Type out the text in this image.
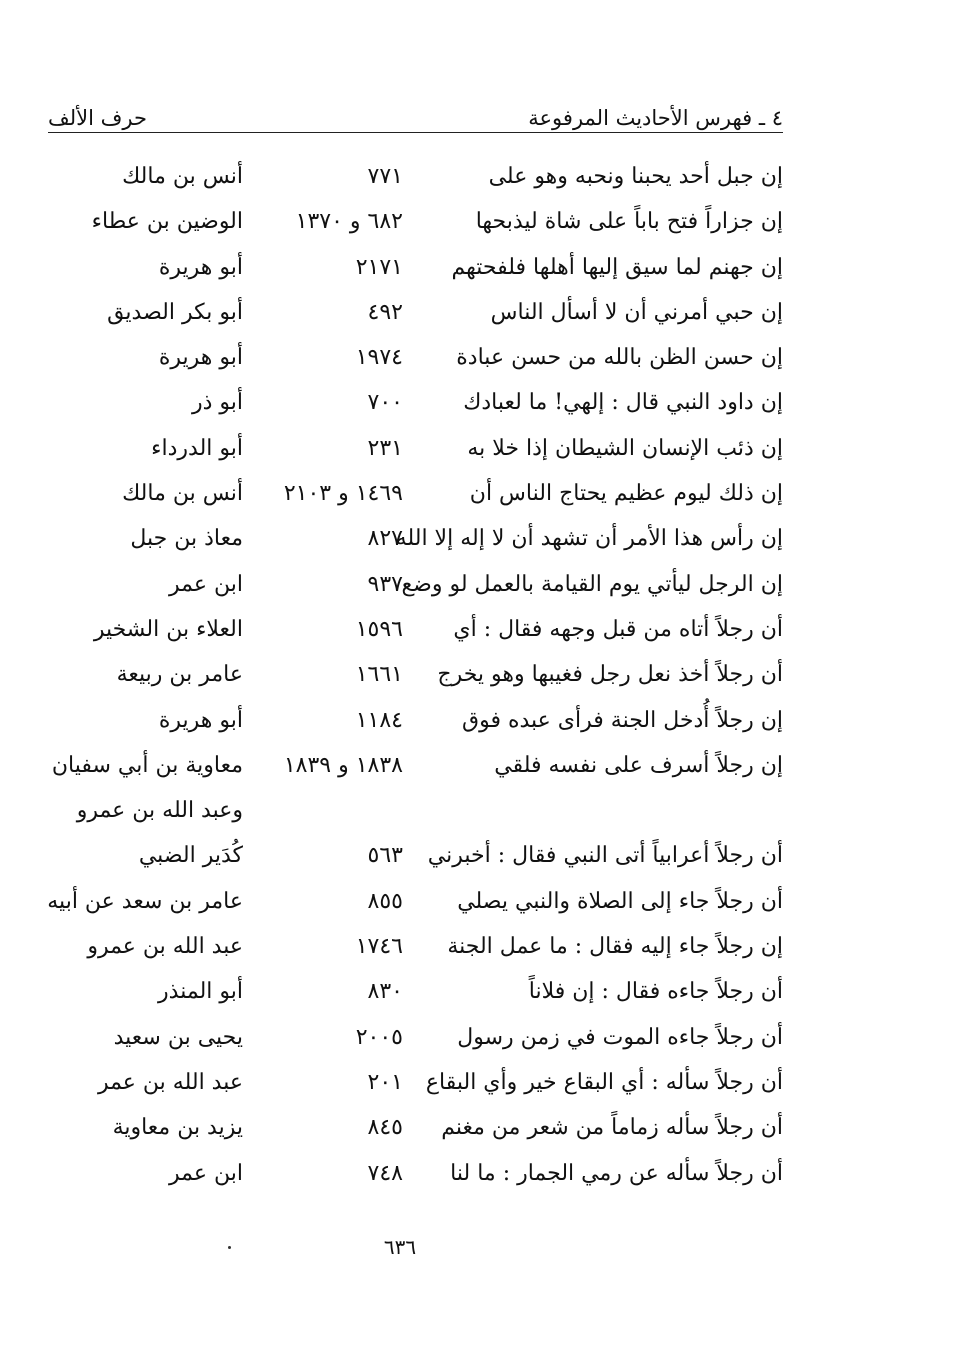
٤ ـ فهرس الأحاديث المرفوعة
حرف الألف
إن جبل أحد يحبنا ونحبه وهو على
٧٧١
أنس بن مالك
إن جزاراً فتح باباً على شاة ليذبحها
٦٨٢ و ١٣٧٠
الوضين بن عطاء
إن جهنم لما سيق إليها أهلها فلفحتهم
٢١٧١
أبو هريرة
إن حبي أمرني أن لا أسأل الناس
٤٩٢
أبو بكر الصديق
إن حسن الظن بالله من حسن عبادة
١٩٧٤
أبو هريرة
إن داود النبي قال : إلهي! ما لعبادك
٧٠٠
أبو ذر
إن ذئب الإنسان الشيطان إذا خلا به
٢٣١
أبو الدرداء
إن ذلك ليوم عظيم يحتاج الناس أن
١٤٦٩ و ٢١٠٣
أنس بن مالك
إن رأس هذا الأمر أن تشهد أن لا إله إلا الله
٨٢٧
معاذ بن جبل
إن الرجل ليأتي يوم القيامة بالعمل لو وضع
٩٣٧
ابن عمر
أن رجلاً أتاه من قبل وجهه فقال : أي
١٥٩٦
العلاء بن الشخير
أن رجلاً أخذ نعل رجل فغيبها وهو يخرج
١٦٦١
عامر بن ربيعة
إن رجلاً أُدخل الجنة فرأى عبده فوق
١١٨٤
أبو هريرة
إن رجلاً أسرف على نفسه فلقي
١٨٣٨ و ١٨٣٩
معاوية بن أبي سفيان
وعبد الله بن عمرو
أن رجلاً أعرابياً أتى النبي فقال : أخبرني
٥٦٣
كُدَير الضبي
أن رجلاً جاء إلى الصلاة والنبي يصلي
٨٥٥
عامر بن سعد عن أبيه
إن رجلاً جاء إليه فقال : ما عمل الجنة
١٧٤٦
عبد الله بن عمرو
أن رجلاً جاءه فقال : إن فلاناً
٨٣٠
أبو المنذر
أن رجلاً جاءه الموت في زمن رسول
٢٠٠٥
يحيى بن سعيد
أن رجلاً سأله : أي البقاع خير وأي البقاع
٢٠١
عبد الله بن عمر
أن رجلاً سأله زماماً من شعر من مغنم
٨٤٥
يزيد بن معاوية
أن رجلاً سأله عن رمي الجمار : ما لنا
٧٤٨
ابن عمر
٦٣٦
